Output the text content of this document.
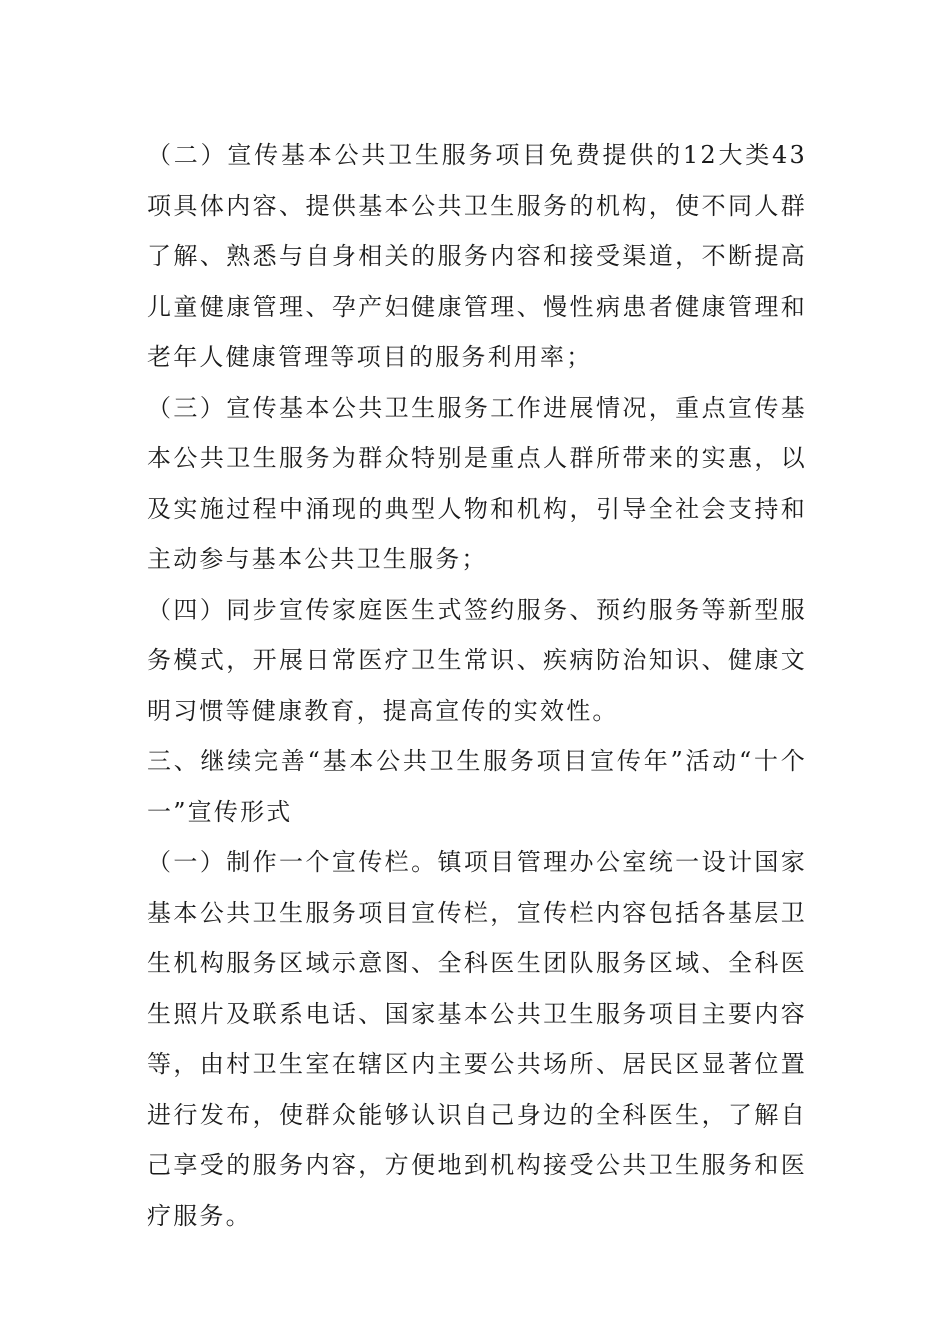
（二）宣传基本公共卫生服务项目免费提供的12大类43项具体内容、提供基本公共卫生服务的机构，使不同人群了解、熟悉与自身相关的服务内容和接受渠道，不断提高儿童健康管理、孕产妇健康管理、慢性病患者健康管理和老年人健康管理等项目的服务利用率；

（三）宣传基本公共卫生服务工作进展情况，重点宣传基本公共卫生服务为群众特别是重点人群所带来的实惠，以及实施过程中涌现的典型人物和机构，引导全社会支持和主动参与基本公共卫生服务；

（四）同步宣传家庭医生式签约服务、预约服务等新型服务模式，开展日常医疗卫生常识、疾病防治知识、健康文明习惯等健康教育，提高宣传的实效性。

三、继续完善“基本公共卫生服务项目宣传年”活动“十个一”宣传形式

（一）制作一个宣传栏。镇项目管理办公室统一设计国家基本公共卫生服务项目宣传栏，宣传栏内容包括各基层卫生机构服务区域示意图、全科医生团队服务区域、全科医生照片及联系电话、国家基本公共卫生服务项目主要内容等，由村卫生室在辖区内主要公共场所、居民区显著位置进行发布，使群众能够认识自己身边的全科医生，了解自己享受的服务内容，方便地到机构接受公共卫生服务和医疗服务。
